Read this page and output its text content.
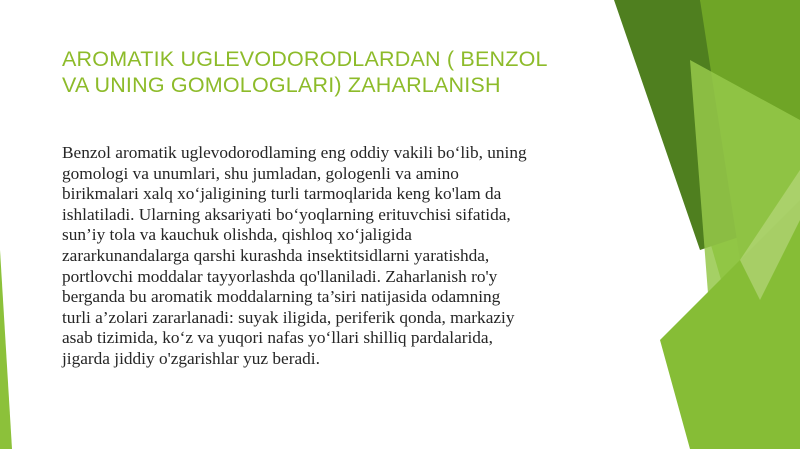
AROMATIK UGLEVODORODLARDAN ( BENZOL
VA UNING GOMOLOGLARI) ZAHARLANISH
Benzol aromatik uglevodorodlaming eng oddiy vakili bo‘lib, uning
gomologi va unumlari, shu jumladan, gologenli va amino
birikmalari xalq xo‘jaligining turli tarmoqlarida keng ko'lam da
ishlatiladi. Ularning aksariyati bo‘yoqlarning erituvchisi sifatida,
sun’iy tola va kauchuk olishda, qishloq xo‘jaligida
zararkunandalarga qarshi kurashda insektitsidlarni yaratishda,
portlovchi moddalar tayyorlashda qo'llaniladi. Zaharlanish ro'y
berganda bu aromatik moddalarning ta’siri natijasida odamning
turli a’zolari zararlanadi: suyak iligida, periferik qonda, markaziy
asab tizimida, ko‘z va yuqori nafas yo‘llari shilliq pardalarida,
jigarda jiddiy o'zgarishlar yuz beradi.
